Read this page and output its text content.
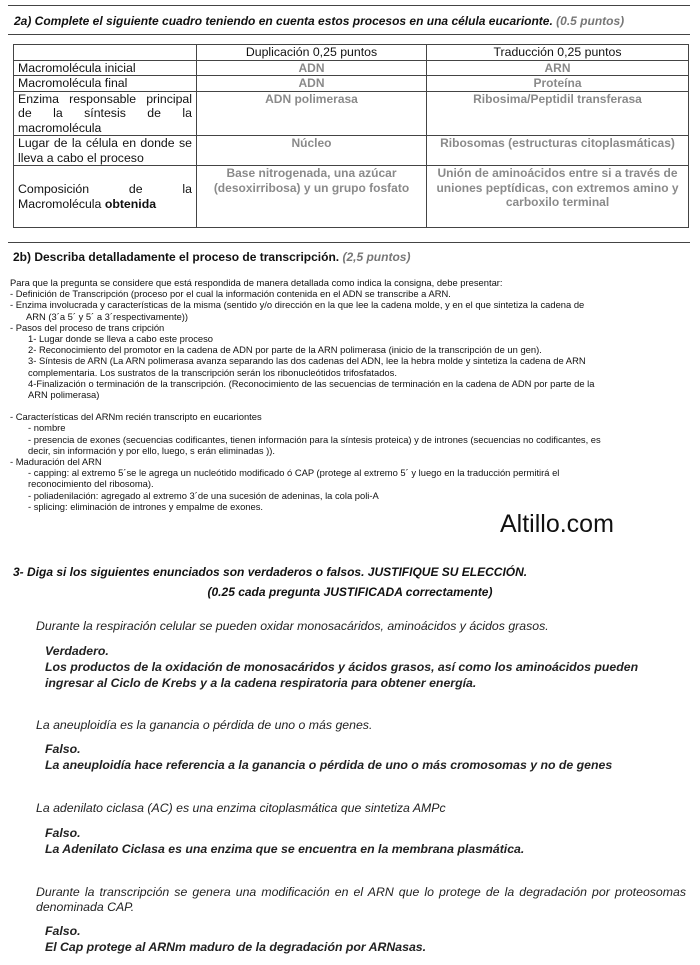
2a) Complete el siguiente cuadro teniendo en cuenta estos procesos en una célula eucarionte. (0.5 puntos)
	Duplicación 0,25 puntos	Traducción 0,25 puntos
Macromolécula inicial	ADN	ARN
Macromolécula final	ADN	Proteína
Enzima responsable principal de la síntesis de la macromolécula	ADN polimerasa	Ribosima/Peptidil transferasa
Lugar de la célula en donde se lleva a cabo el proceso	Núcleo	Ribosomas (estructuras citoplasmáticas)
Composición de la Macromolécula obtenida	Base nitrogenada, una azúcar (desoxirribosa) y un grupo fosfato	Unión de aminoácidos entre si a través de uniones peptídicas, con extremos amino y carboxilo terminal
2b) Describa detalladamente el proceso de transcripción. (2,5 puntos)
Para que la pregunta se considere que está respondida de manera detallada como indica la consigna, debe presentar:
- Definición de Transcripción (proceso por el cual la información contenida en el ADN se transcribe a ARN.
- Enzima involucrada y características de la misma (sentido y/o dirección en la que lee la cadena molde, y en el que sintetiza la cadena de
ARN (3´a 5´ y 5´ a 3´respectivamente))
- Pasos del proceso de trans cripción
1- Lugar donde se lleva a cabo este proceso
2- Reconocimiento del promotor en la cadena de ADN por parte de la ARN polimerasa (inicio de la transcripción de un gen).
3- Síntesis de ARN (La ARN polimerasa avanza separando las dos cadenas del ADN, lee la hebra molde y sintetiza la cadena de ARN
complementaria. Los sustratos de la transcripción serán los ribonucleótidos trifosfatados.
4-Finalización o terminación de la transcripción. (Reconocimiento de las secuencias de terminación en la cadena de ADN por parte de la
ARN polimerasa)
- Características del ARNm recién transcripto en eucariontes
- nombre
- presencia de exones (secuencias codificantes, tienen información para la síntesis proteica) y de intrones (secuencias no codificantes, es
decir, sin información y por ello, luego, s erán eliminadas )).
- Maduración del ARN
- capping: al extremo 5´se le agrega un nucleótido modificado ó CAP (protege al extremo 5´ y luego en la traducción permitirá el
reconocimiento del ribosoma).
- poliadenilación: agregado al extremo 3´de una sucesión de adeninas, la cola poli-A
- splicing: eliminación de intrones y empalme de exones.
Altillo.com
3- Diga si los siguientes enunciados son verdaderos o falsos. JUSTIFIQUE SU ELECCIÓN.
(0.25 cada pregunta JUSTIFICADA correctamente)
Durante la respiración celular se pueden oxidar monosacáridos, aminoácidos y ácidos grasos.
Verdadero.
Los productos de la oxidación de monosacáridos y ácidos grasos, así como los aminoácidos pueden ingresar al Ciclo de Krebs y a la cadena respiratoria para obtener energía.
La aneuploidía es la ganancia o pérdida de uno o más genes.
Falso.
La aneuploidía hace referencia a la ganancia o pérdida de uno o más cromosomas y no de genes
La adenilato ciclasa (AC) es una enzima citoplasmática que sintetiza AMPc
Falso.
La Adenilato Ciclasa es una enzima que se encuentra en la membrana plasmática.
Durante la transcripción se genera una modificación en el ARN que lo protege de la degradación por proteosomas denominada CAP.
Falso.
El Cap protege al ARNm maduro de la degradación por ARNasas.
